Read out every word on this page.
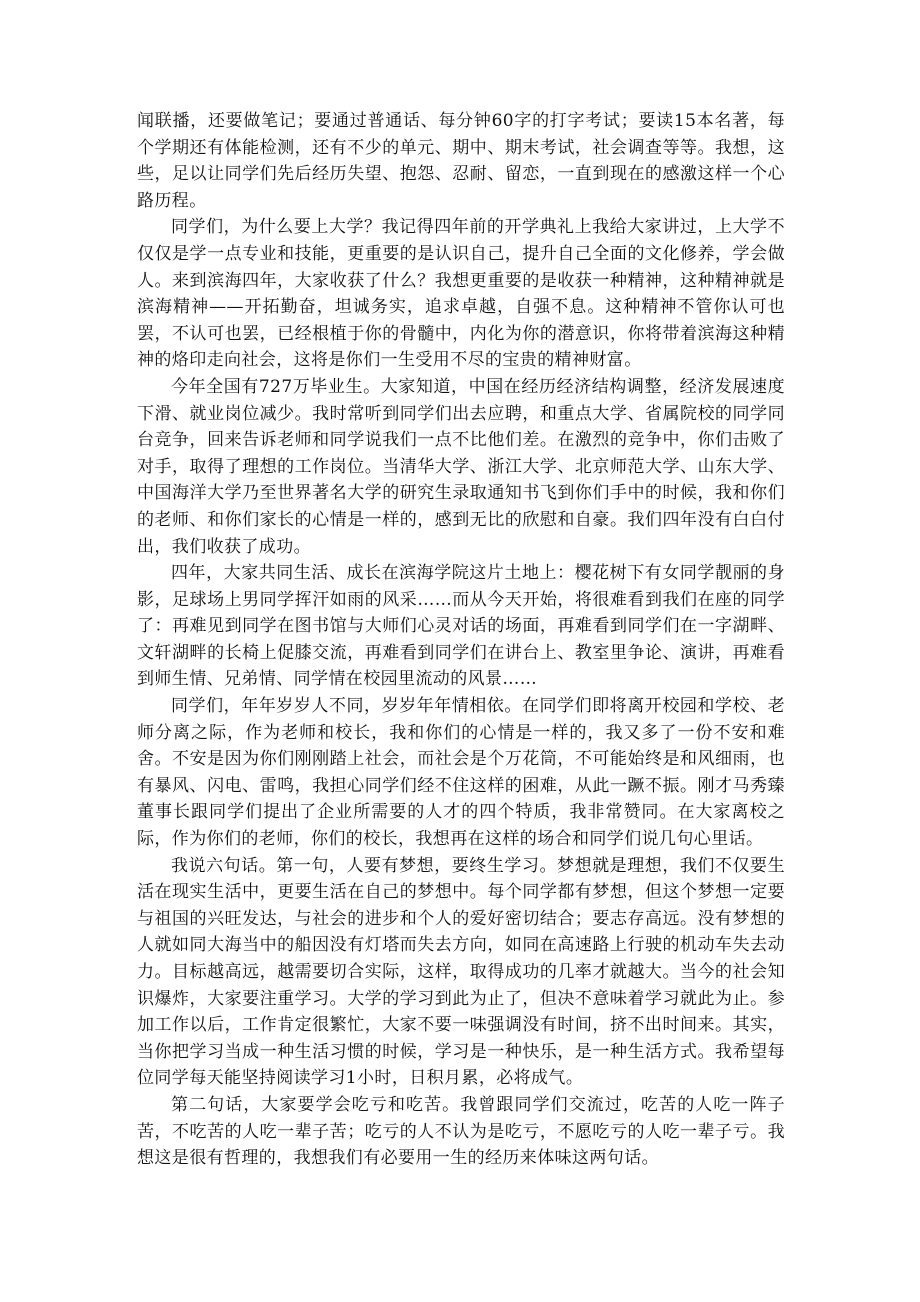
闻联播，还要做笔记；要通过普通话、每分钟60字的打字考试；要读15本名著，每个学期还有体能检测，还有不少的单元、期中、期末考试，社会调查等等。我想，这些，足以让同学们先后经历失望、抱怨、忍耐、留恋，一直到现在的感激这样一个心路历程。

同学们，为什么要上大学？我记得四年前的开学典礼上我给大家讲过，上大学不仅仅是学一点专业和技能，更重要的是认识自己，提升自己全面的文化修养，学会做人。来到滨海四年，大家收获了什么？我想更重要的是收获一种精神，这种精神就是滨海精神——开拓勤奋，坦诚务实，追求卓越，自强不息。这种精神不管你认可也罢，不认可也罢，已经根植于你的骨髓中，内化为你的潜意识，你将带着滨海这种精神的烙印走向社会，这将是你们一生受用不尽的宝贵的精神财富。

今年全国有727万毕业生。大家知道，中国在经历经济结构调整，经济发展速度下滑、就业岗位减少。我时常听到同学们出去应聘，和重点大学、省属院校的同学同台竞争，回来告诉老师和同学说我们一点不比他们差。在激烈的竞争中，你们击败了对手，取得了理想的工作岗位。当清华大学、浙江大学、北京师范大学、山东大学、中国海洋大学乃至世界著名大学的研究生录取通知书飞到你们手中的时候，我和你们的老师、和你们家长的心情是一样的，感到无比的欣慰和自豪。我们四年没有白白付出，我们收获了成功。

四年，大家共同生活、成长在滨海学院这片土地上：樱花树下有女同学靓丽的身影，足球场上男同学挥汗如雨的风采……而从今天开始，将很难看到我们在座的同学了：再难见到同学在图书馆与大师们心灵对话的场面，再难看到同学们在一字湖畔、文轩湖畔的长椅上促膝交流，再难看到同学们在讲台上、教室里争论、演讲，再难看到师生情、兄弟情、同学情在校园里流动的风景……

同学们，年年岁岁人不同，岁岁年年情相依。在同学们即将离开校园和学校、老师分离之际，作为老师和校长，我和你们的心情是一样的，我又多了一份不安和难舍。不安是因为你们刚刚踏上社会，而社会是个万花筒，不可能始终是和风细雨，也有暴风、闪电、雷鸣，我担心同学们经不住这样的困难，从此一蹶不振。刚才马秀臻董事长跟同学们提出了企业所需要的人才的四个特质，我非常赞同。在大家离校之际，作为你们的老师，你们的校长，我想再在这样的场合和同学们说几句心里话。

我说六句话。第一句，人要有梦想，要终生学习。梦想就是理想，我们不仅要生活在现实生活中，更要生活在自己的梦想中。每个同学都有梦想，但这个梦想一定要与祖国的兴旺发达，与社会的进步和个人的爱好密切结合；要志存高远。没有梦想的人就如同大海当中的船因没有灯塔而失去方向，如同在高速路上行驶的机动车失去动力。目标越高远，越需要切合实际，这样，取得成功的几率才就越大。当今的社会知识爆炸，大家要注重学习。大学的学习到此为止了，但决不意味着学习就此为止。参加工作以后，工作肯定很繁忙，大家不要一味强调没有时间，挤不出时间来。其实，当你把学习当成一种生活习惯的时候，学习是一种快乐，是一种生活方式。我希望每位同学每天能坚持阅读学习1小时，日积月累，必将成气。

第二句话，大家要学会吃亏和吃苦。我曾跟同学们交流过，吃苦的人吃一阵子苦，不吃苦的人吃一辈子苦；吃亏的人不认为是吃亏，不愿吃亏的人吃一辈子亏。我想这是很有哲理的，我想我们有必要用一生的经历来体味这两句话。
